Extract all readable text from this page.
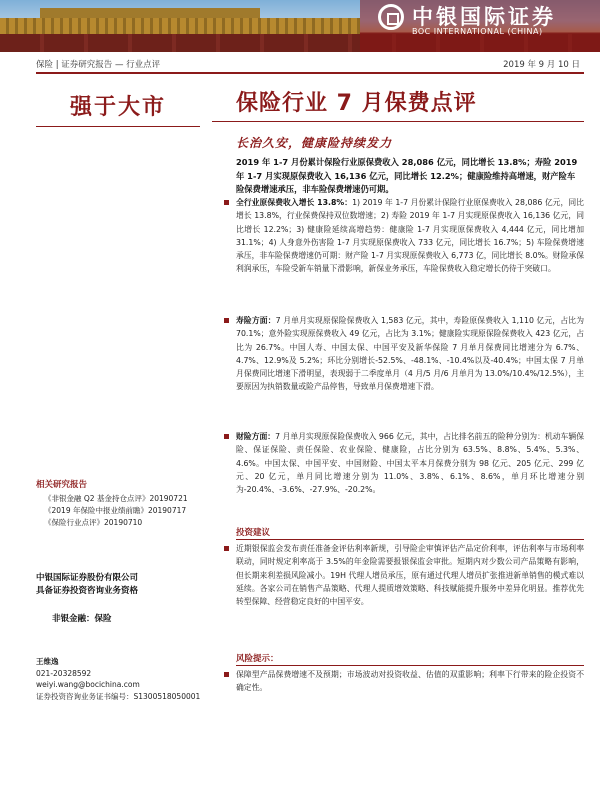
中银国际证券
BOC INTERNATIONAL (CHINA)
保险 | 证券研究报告 — 行业点评	2019 年 9 月 10 日
强于大市
相关研究报告
《非银金融 Q2 基金持仓点评》20190721
《2019 年保险中报业绩前瞻》20190717
《保险行业点评》20190710
中银国际证券股份有限公司
具备证券投资咨询业务资格
非银金融：保险
王维逸
021-20328592
weiyi.wang@bocichina.com
证券投资咨询业务证书编号：S1300518050001
保险行业 7 月保费点评
长治久安，健康险持续发力
2019 年 1-7 月份累计保险行业原保费收入 28,086 亿元，同比增长 13.8%；寿险 2019 年 1-7 月实现原保费收入 16,136 亿元，同比增长 12.2%；健康险维持高增速，财产险车险保费增速承压，非车险保费增速仍可期。
全行业原保费收入增长 13.8%：1) 2019 年 1-7 月份累计保险行业原保费收入 28,086 亿元，同比增长 13.8%，行业保费保持双位数增速；2) 寿险 2019 年 1-7 月实现原保费收入 16,136 亿元，同比增长 12.2%；3) 健康险延续高增趋势：健康险 1-7 月实现原保费收入 4,444 亿元，同比增加 31.1%；4) 人身意外伤害险 1-7 月实现原保费收入 733 亿元，同比增长 16.7%；5) 车险保费增速承压，非车险保费增速仍可期：财产险 1-7 月实现原保费收入 6,773 亿，同比增长 8.0%。财险承保利润承压，车险受新车销量下滑影响，新保业务承压，车险保费收入稳定增长仍待于突破口。
寿险方面：7 月单月实现原保险保费收入 1,583 亿元，其中，寿险原保费收入 1,110 亿元，占比为 70.1%；意外险实现原保费收入 49 亿元，占比为 3.1%；健康险实现原保险保费收入 423 亿元，占比为 26.7%。中国人寿、中国太保、中国平安及新华保险 7 月单月保费同比增速分为 6.7%、4.7%、12.9%及 5.2%；环比分别增长-52.5%、-48.1%、-10.4%以及-40.4%；中国太保 7 月单月保费同比增速下滑明显，表现弱于二季度单月（4 月/5 月/6 月单月为 13.0%/10.4%/12.5%），主要原因为执销数量或险产品停售，导致单月保费增速下滑。
财险方面：7 月单月实现原保险保费收入 966 亿元，其中，占比排名前五的险种分别为：机动车辆保险、保证保险、责任保险、农业保险、健康险，占比分别为 63.5%、8.8%、5.4%、5.3%、4.6%。中国太保、中国平安、中国财险、中国太平本月保费分别为 98 亿元、205 亿元、299 亿元、20 亿元，单月同比增速分别为 11.0%、3.8%、6.1%、8.6%，单月环比增速分别为-20.4%、-3.6%、-27.9%、-20.2%。
投资建议
近期银保监会发布责任准备金评估利率新规，引导险企审慎评估产品定价利率，评估利率与市场利率联动，同时规定利率高于 3.5%的年金险需要报银保监会审批。短期内对少数公司产品策略有影响，但长期来利差损风险减小。19H 代理人增员承压，原有通过代理人增员扩张推进新单销售的模式难以延续。各家公司在销售产品策略、代理人提质增效策略、科技赋能提升服务中差异化明显。推荐优先转型保障、经营稳定良好的中国平安。
风险提示：
保障型产品保费增速不及预期；市场波动对投资收益、估值的双重影响；利率下行带来的险企投资不确定性。
